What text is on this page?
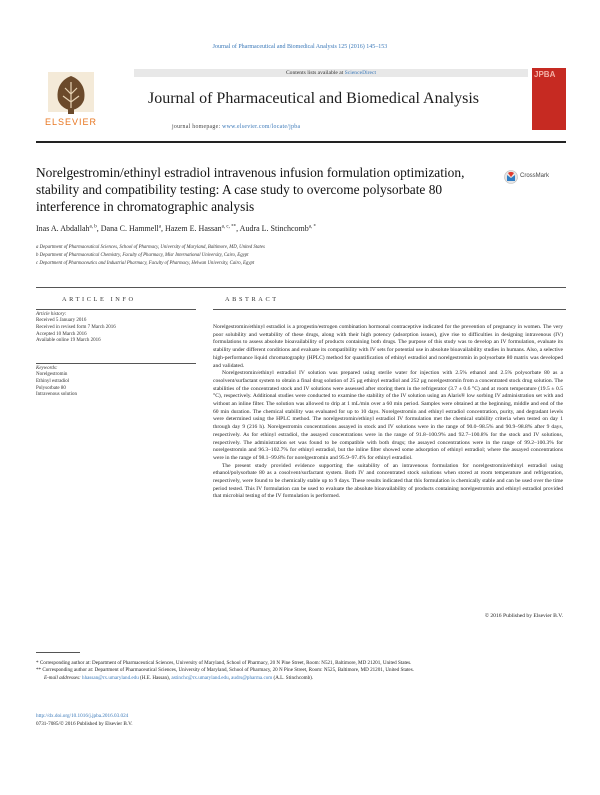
Journal of Pharmaceutical and Biomedical Analysis 125 (2016) 145–153
Contents lists available at ScienceDirect
ELSEVIER
Journal of Pharmaceutical and Biomedical Analysis
journal homepage: www.elsevier.com/locate/jpba
JPBA
Norelgestromin/ethinyl estradiol intravenous infusion formulation optimization, stability and compatibility testing: A case study to overcome polysorbate 80 interference in chromatographic analysis
CrossMark
Inas A. Abdallah$^{a, b}$, Dana C. Hammell$^a$, Hazem E. Hassan$^{a, c, **}$, Audra L. Stinchcomb$^{a, *}$
a Department of Pharmaceutical Sciences, School of Pharmacy, University of Maryland, Baltimore, MD, United States
b Department of Pharmaceutical Chemistry, Faculty of Pharmacy, Misr International University, Cairo, Egypt
c Department of Pharmaceutics and Industrial Pharmacy, Faculty of Pharmacy, Helwan University, Cairo, Egypt
ARTICLE INFO	ABSTRACT
Article history:
Received 5 January 2016
Received in revised form 7 March 2016
Accepted 10 March 2016
Available online 19 March 2016
Keywords:
Norelgestromin
Ethinyl estradiol
Polysorbate 80
Intravenous solution

Norelgestromin/ethinyl estradiol is a progestin/estrogen combination hormonal contraceptive indicated for the prevention of pregnancy in women. The very poor solubility and wettability of these drugs, along with their high potency (adsorption issues), give rise to difficulties in designing intravenous (IV) formulations to assess absolute bioavailability of products containing both drugs. The purpose of this study was to develop an IV formulation, evaluate its stability under different conditions and evaluate its compatibility with IV sets for potential use in absolute bioavailability studies in humans. Also, a selective high-performance liquid chromatography (HPLC) method for quantification of ethinyl estradiol and norelgestromin in polysorbate 80 matrix was developed and validated.

Norelgestromin/ethinyl estradiol IV solution was prepared using sterile water for injection with 2.5% ethanol and 2.5% polysorbate 80 as a cosolvent/surfactant system to obtain a final drug solution of 25 µg ethinyl estradiol and 252 µg norelgestromin from a concentrated stock drug solution. The stabilities of the concentrated stock and IV solutions were assessed after storing them in the refrigerator (3.7 ± 0.6 °C) and at room temperature (19.5 ± 0.5 °C), respectively. Additional studies were conducted to examine the stability of the IV solution using an Alaris® low sorbing IV administration set with and without an inline filter. The solution was allowed to drip at 1 mL/min over a 60 min period. Samples were obtained at the beginning, middle and end of the 60 min duration. The chemical stability was evaluated for up to 10 days. Norelgestromin and ethinyl estradiol concentration, purity, and degradant levels were determined using the HPLC method. The norelgestromin/ethinyl estradiol IV formulation met the chemical stability criteria when tested on day 1 through day 9 (216 h). Norelgestromin concentrations assayed in stock and IV solutions were in the range of 90.0–98.5% and 90.9–98.8% after 9 days, respectively. As for ethinyl estradiol, the assayed concentrations were in the range of 91.8–100.9% and 92.7–100.8% for the stock and IV solutions, respectively. The administration set was found to be compatible with both drugs; the assayed concentrations were in the range of 99.2–100.3% for norelgestromin and 96.3–102.7% for ethinyl estradiol, but the inline filter showed some adsorption of ethinyl estradiol; where the assayed concentrations were in the range of 98.1–99.8% for norelgestromin and 95.9–97.4% for ethinyl estradiol.

The present study provided evidence supporting the suitability of an intravenous formulation for norelgestromin/ethinyl estradiol using ethanol/polysorbate 80 as a cosolvent/surfactant system. Both IV and concentrated stock solutions when stored at room temperature and refrigeration, respectively, were found to be chemically stable up to 9 days. These results indicated that this formulation is chemically stable and can be used over the time period tested. This IV formulation can be used to evaluate the absolute bioavailability of products containing norelgestromin and ethinyl estradiol provided that microbial testing of the IV formulation is performed.

© 2016 Published by Elsevier B.V.
* Corresponding author at: Department of Pharmaceutical Sciences, University of Maryland, School of Pharmacy, 20 N Pine Street, Room: N521, Baltimore, MD 21201, United States.
** Corresponding author at: Department of Pharmaceutical Sciences, University of Maryland, School of Pharmacy, 20 N Pine Street, Room: N525, Baltimore, MD 21201, United States.
E-mail addresses: hhassan@rx.umaryland.edu (H.E. Hassan), astinchc@rx.umaryland.edu, audrs@pharma.com (A.L. Stinchcomb).
http://dx.doi.org/10.1016/j.jpba.2016.03.024
0731-7085/© 2016 Published by Elsevier B.V.
